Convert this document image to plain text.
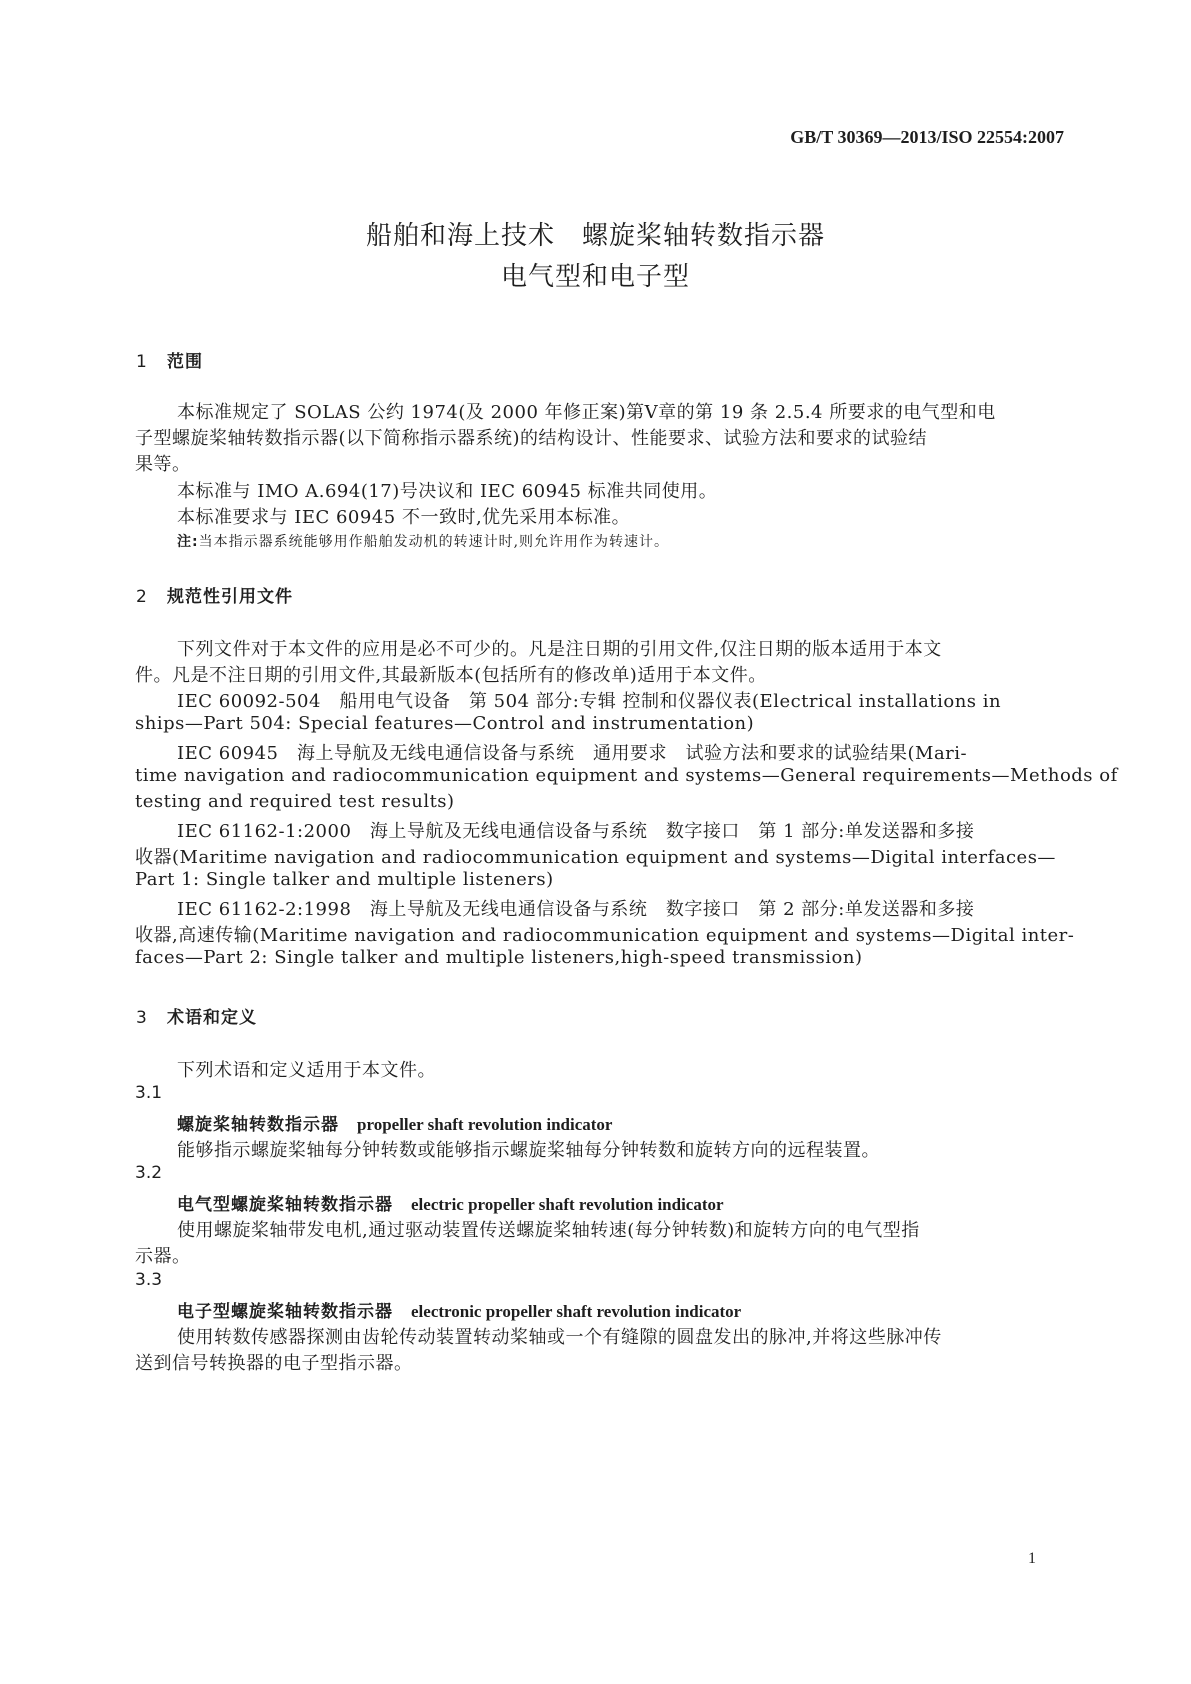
GB/T 30369—2013/ISO 22554:2007
船舶和海上技术　螺旋桨轴转数指示器
电气型和电子型
1 范围
本标准规定了 SOLAS 公约 1974(及 2000 年修正案)第Ⅴ章的第 19 条 2.5.4 所要求的电气型和电
子型螺旋桨轴转数指示器(以下简称指示器系统)的结构设计、性能要求、试验方法和要求的试验结
果等。
本标准与 IMO A.694(17)号决议和 IEC 60945 标准共同使用。
本标准要求与 IEC 60945 不一致时,优先采用本标准。
注:当本指示器系统能够用作船舶发动机的转速计时,则允许用作为转速计。
2 规范性引用文件
下列文件对于本文件的应用是必不可少的。凡是注日期的引用文件,仅注日期的版本适用于本文
件。凡是不注日期的引用文件,其最新版本(包括所有的修改单)适用于本文件。
IEC 60092-504　船用电气设备　第 504 部分:专辑 控制和仪器仪表(Electrical installations in
ships—Part 504: Special features—Control and instrumentation)
IEC 60945　海上导航及无线电通信设备与系统　通用要求　试验方法和要求的试验结果(Mari-
time navigation and radiocommunication equipment and systems—General requirements—Methods of
testing and required test results)
IEC 61162-1:2000　海上导航及无线电通信设备与系统　数字接口　第 1 部分:单发送器和多接
收器(Maritime navigation and radiocommunication equipment and systems—Digital interfaces—
Part 1: Single talker and multiple listeners)
IEC 61162-2:1998　海上导航及无线电通信设备与系统　数字接口　第 2 部分:单发送器和多接
收器,高速传输(Maritime navigation and radiocommunication equipment and systems—Digital inter-
faces—Part 2: Single talker and multiple listeners,high-speed transmission)
3 术语和定义
下列术语和定义适用于本文件。
3.1
螺旋桨轴转数指示器 propeller shaft revolution indicator
能够指示螺旋桨轴每分钟转数或能够指示螺旋桨轴每分钟转数和旋转方向的远程装置。
3.2
电气型螺旋桨轴转数指示器 electric propeller shaft revolution indicator
使用螺旋桨轴带发电机,通过驱动装置传送螺旋桨轴转速(每分钟转数)和旋转方向的电气型指
示器。
3.3
电子型螺旋桨轴转数指示器 electronic propeller shaft revolution indicator
使用转数传感器探测由齿轮传动装置转动桨轴或一个有缝隙的圆盘发出的脉冲,并将这些脉冲传
送到信号转换器的电子型指示器。
1
